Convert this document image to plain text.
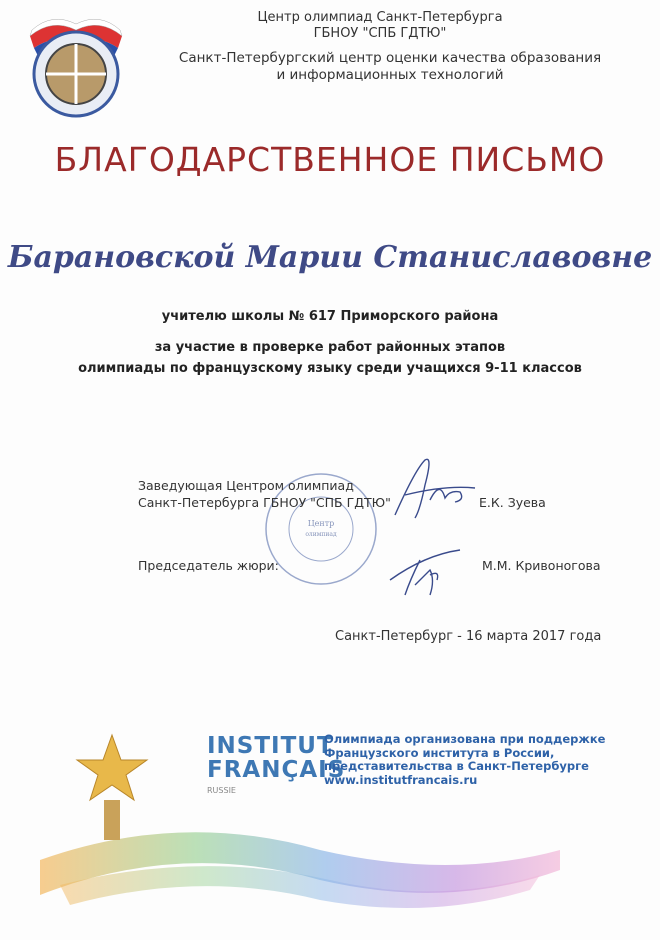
Центр олимпиад Санкт-Петербурга
ГБНОУ "СПБ ГДТЮ"
Санкт-Петербургский центр оценки качества образования
и информационных технологий
БЛАГОДАРСТВЕННОЕ ПИСЬМО
Барановской Марии Станиславовне
учителю школы № 617 Приморского района
за участие в проверке работ районных этапов
олимпиады по французскому языку среди учащихся 9-11 классов
Центр
олимпиад
Заведующая Центром олимпиад
Санкт-Петербурга ГБНОУ "СПБ ГДТЮ"	Е.К. Зуева
Председатель жюри:	М.М. Кривоногова
Санкт-Петербург - 16 марта 2017 года
INSTITUT
FRANÇAIS
RUSSIE
Олимпиада организована при поддержке
Французского института в России,
представительства в Санкт-Петербурге
www.institutfrancais.ru
